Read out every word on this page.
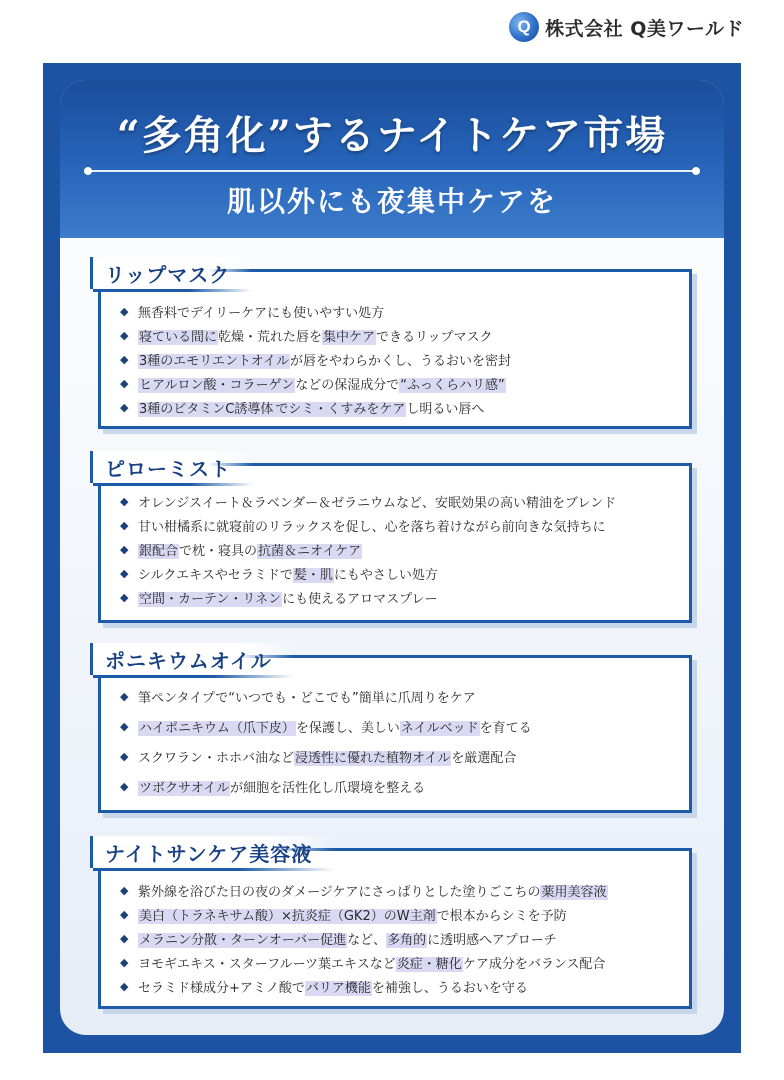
Q 株式会社 Q美ワールド
“多角化”するナイトケア市場
肌以外にも夜集中ケアを
リップマスク
◆ 無香料でデイリーケアにも使いやすい処方
◆ 寝ている間に乾燥・荒れた唇を集中ケアできるリップマスク
◆ 3種のエモリエントオイルが唇をやわらかくし、うるおいを密封
◆ ヒアルロン酸・コラーゲンなどの保湿成分で“ふっくらハリ感”
◆ 3種のビタミンC誘導体 でシミ・くすみをケアし明るい唇へ
ピローミスト
◆ オレンジスイート＆ラベンダー＆ゼラニウムなど、安眠効果の高い精油をブレンド
◆ 甘い柑橘系に就寝前のリラックスを促し、心を落ち着けながら前向きな気持ちに
◆ 銀配合で枕・寝具の抗菌＆ニオイケア
◆ シルクエキスやセラミドで髪・肌にもやさしい処方
◆ 空間・カーテン・リネンにも使えるアロマスプレー
ポニキウムオイル
◆ 筆ペンタイプで“いつでも・どこでも”簡単に爪周りをケア
◆ ハイポニキウム（爪下皮）を保護し、美しいネイルベッドを育てる
◆ スクワラン・ホホバ油など浸透性に優れた植物オイルを厳選配合
◆ ツボクサオイルが細胞を活性化し爪環境を整える
ナイトサンケア美容液
◆ 紫外線を浴びた日の夜のダメージケアにさっぱりとした塗りごこちの薬用美容液
◆ 美白（トラネキサム酸）×抗炎症（GK2）のW主剤で根本からシミを予防
◆ メラニン分散・ターンオーバー促進など、多角的に透明感へアプローチ
◆ ヨモギエキス・スターフルーツ葉エキスなど炎症・糖化ケア成分をバランス配合
◆ セラミド様成分+アミノ酸でバリア機能を補強し、うるおいを守る
